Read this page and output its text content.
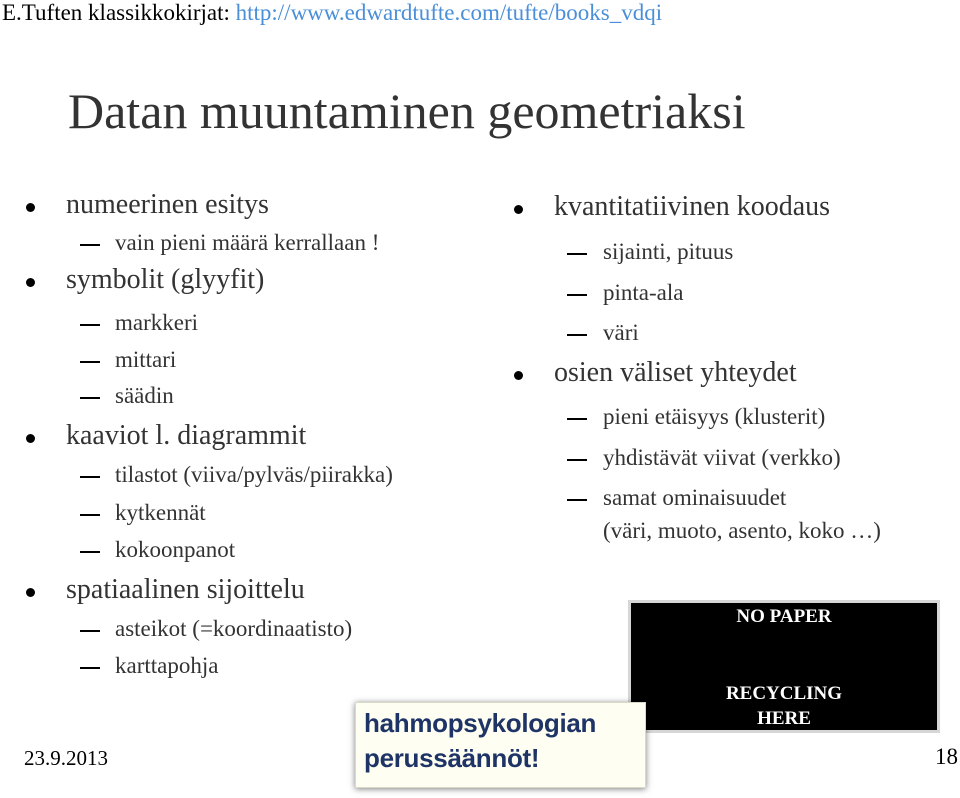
E.Tuften klassikkokirjat: http://www.edwardtufte.com/tufte/books_vdqi
Datan muuntaminen geometriaksi
numeerinen esitys
vain pieni määrä kerrallaan !
symbolit (glyyfit)
markkeri
mittari
säädin
kaaviot l. diagrammit
tilastot (viiva/pylväs/piirakka)
kytkennät
kokoonpanot
spatiaalinen sijoittelu
asteikot (=koordinaatisto)
karttapohja
kvantitatiivinen koodaus
sijainti, pituus
pinta-ala
väri
osien väliset yhteydet
pieni etäisyys (klusterit)
yhdistävät viivat (verkko)
samat ominaisuudet
(väri, muoto, asento, koko …)
NO PAPER
RECYCLING
HERE
hahmopsykologian
perussäännöt!
23.9.2013	18
